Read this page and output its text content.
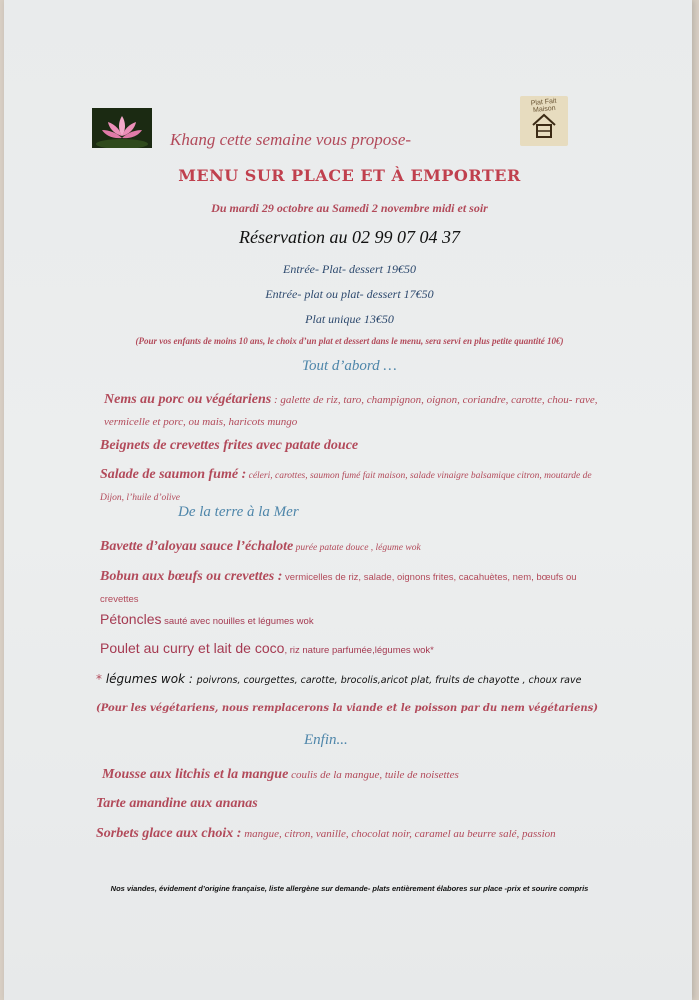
Plat Fait Maison
Khang cette semaine vous propose-
MENU SUR PLACE ET À EMPORTER
Du mardi 29 octobre au Samedi 2 novembre midi et soir
Réservation au 02 99 07 04 37
Entrée- Plat- dessert 19€50
Entrée- plat ou plat- dessert 17€50
Plat unique 13€50
(Pour vos enfants de moins 10 ans, le choix d’un plat et dessert dans le menu, sera servi en plus petite quantité 10€)
Tout d’abord …
Nems au porc ou végétariens : galette de riz, taro, champignon, oignon, coriandre, carotte, chou- rave, vermicelle et porc, ou mais, haricots mungo
Beignets de crevettes frites avec patate douce
Salade de saumon fumé : céleri, carottes, saumon fumé fait maison, salade vinaigre balsamique citron, moutarde de Dijon, l’huile d’olive
De la terre à la Mer
Bavette d’aloyau sauce l’échalote purée patate douce , légume wok
Bobun aux bœufs ou crevettes : vermicelles de riz, salade, oignons frites, cacahuètes, nem, bœufs ou crevettes
Pétoncles sauté avec nouilles et légumes wok
Poulet au curry et lait de coco, riz nature parfumée,légumes wok*
* légumes wok : poivrons, courgettes, carotte, brocolis,aricot plat, fruits de chayotte , choux rave
(Pour les végétariens, nous remplacerons la viande et le poisson par du nem végétariens)
Enfin...
Mousse aux litchis et la mangue coulis de la mangue, tuile de noisettes
Tarte amandine aux ananas
Sorbets glace aux choix : mangue, citron, vanille, chocolat noir, caramel au beurre salé, passion
Nos viandes, évidement d’origine française, liste allergène sur demande- plats entièrement élabores sur place -prix et sourire compris
